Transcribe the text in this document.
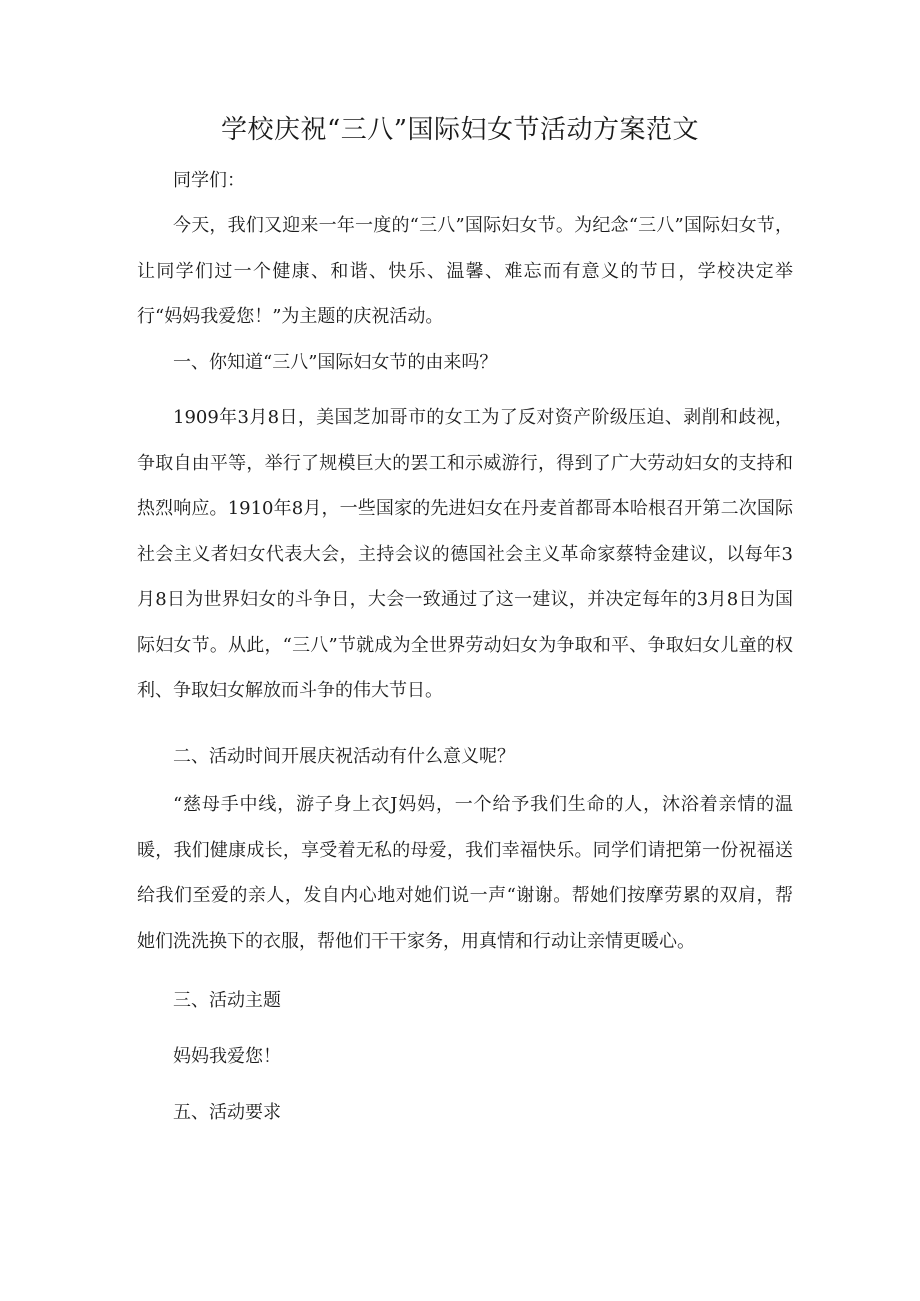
学校庆祝“三八”国际妇女节活动方案范文

同学们：

今天，我们又迎来一年一度的“三八”国际妇女节。为纪念“三八”国际妇女节，让同学们过一个健康、和谐、快乐、温馨、难忘而有意义的节日，学校决定举行“妈妈我爱您！”为主题的庆祝活动。

一、你知道“三八”国际妇女节的由来吗？

1909年3月8日，美国芝加哥市的女工为了反对资产阶级压迫、剥削和歧视，争取自由平等，举行了规模巨大的罢工和示威游行，得到了广大劳动妇女的支持和热烈响应。1910年8月，一些国家的先进妇女在丹麦首都哥本哈根召开第二次国际社会主义者妇女代表大会，主持会议的德国社会主义革命家蔡特金建议，以每年3月8日为世界妇女的斗争日，大会一致通过了这一建议，并决定每年的3月8日为国际妇女节。从此，“三八”节就成为全世界劳动妇女为争取和平、争取妇女儿童的权利、争取妇女解放而斗争的伟大节日。

二、活动时间开展庆祝活动有什么意义呢？

“慈母手中线，游子身上衣J妈妈，一个给予我们生命的人，沐浴着亲情的温暖，我们健康成长，享受着无私的母爱，我们幸福快乐。同学们请把第一份祝福送给我们至爱的亲人，发自内心地对她们说一声“谢谢。帮她们按摩劳累的双肩，帮她们洗洗换下的衣服，帮他们干干家务，用真情和行动让亲情更暖心。

三、活动主题

妈妈我爱您！

五、活动要求
